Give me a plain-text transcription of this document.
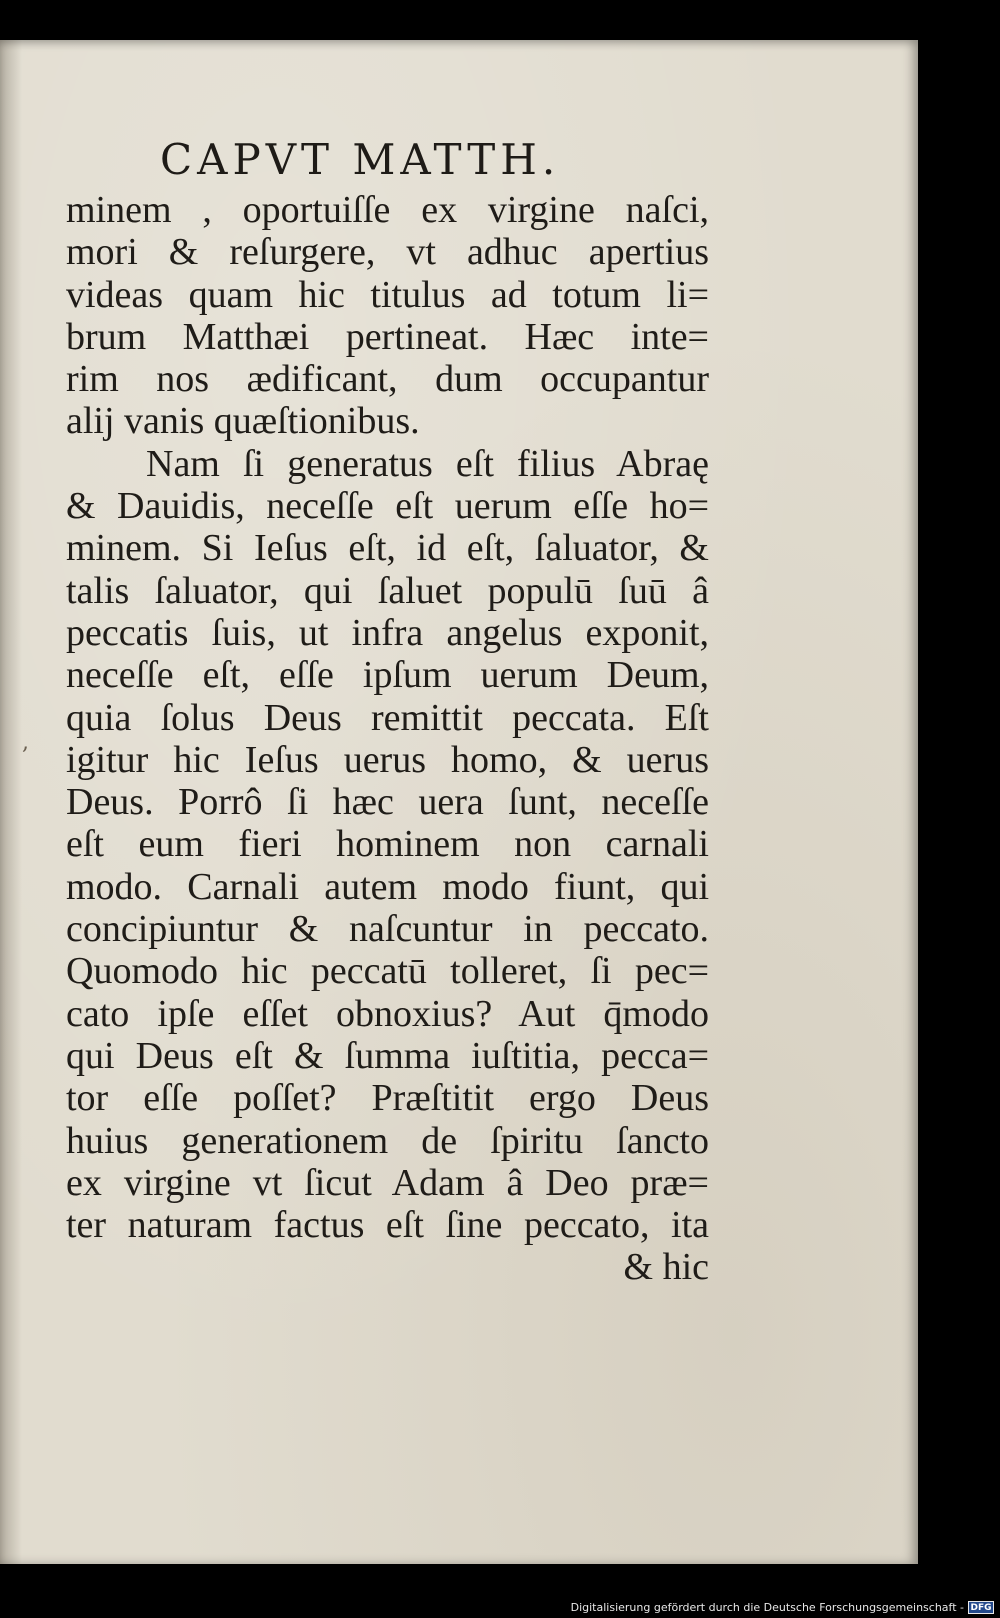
CAPVT MATTH.
,
minem , oportuiſſe ex virgine naſci,
mori & reſurgere, vt adhuc apertius
videas quam hic titulus ad totum li=
brum Matthæi pertineat. Hæc inte=
rim nos ædificant, dum occupantur
alij vanis quæſtionibus.
Nam ſi generatus eſt filius Abraę
& Dauidis, neceſſe eſt uerum eſſe ho=
minem. Si Ieſus eſt, id eſt, ſaluator, &
talis ſaluator, qui ſaluet populū ſuū â
peccatis ſuis, ut infra angelus exponit,
neceſſe eſt, eſſe ipſum uerum Deum,
quia ſolus Deus remittit peccata. Eſt
igitur hic Ieſus uerus homo, & uerus
Deus. Porrô ſi hæc uera ſunt, neceſſe
eſt eum fieri hominem non carnali
modo. Carnali autem modo fiunt, qui
concipiuntur & naſcuntur in peccato.
Quomodo hic peccatū tolleret, ſi pec=
cato ipſe eſſet obnoxius? Aut q̄modo
qui Deus eſt & ſumma iuſtitia, pecca=
tor eſſe poſſet? Præſtitit ergo Deus
huius generationem de ſpiritu ſancto
ex virgine vt ſicut Adam â Deo præ=
ter naturam factus eſt ſine peccato, ita
& hic
Digitalisierung gefördert durch die Deutsche Forschungsgemeinschaft - DFG
